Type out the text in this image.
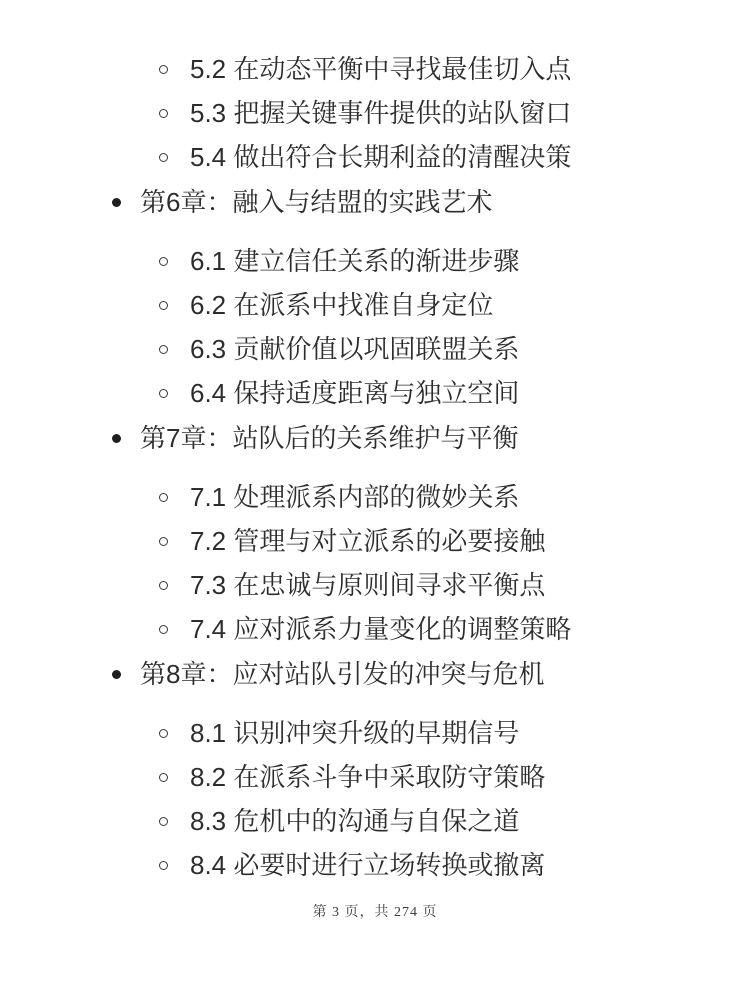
5.2 在动态平衡中寻找最佳切入点
5.3 把握关键事件提供的站队窗口
5.4 做出符合长期利益的清醒决策
第6章：融入与结盟的实践艺术
6.1 建立信任关系的渐进步骤
6.2 在派系中找准自身定位
6.3 贡献价值以巩固联盟关系
6.4 保持适度距离与独立空间
第7章：站队后的关系维护与平衡
7.1 处理派系内部的微妙关系
7.2 管理与对立派系的必要接触
7.3 在忠诚与原则间寻求平衡点
7.4 应对派系力量变化的调整策略
第8章：应对站队引发的冲突与危机
8.1 识别冲突升级的早期信号
8.2 在派系斗争中采取防守策略
8.3 危机中的沟通与自保之道
8.4 必要时进行立场转换或撤离
第 3 页，共 274 页
